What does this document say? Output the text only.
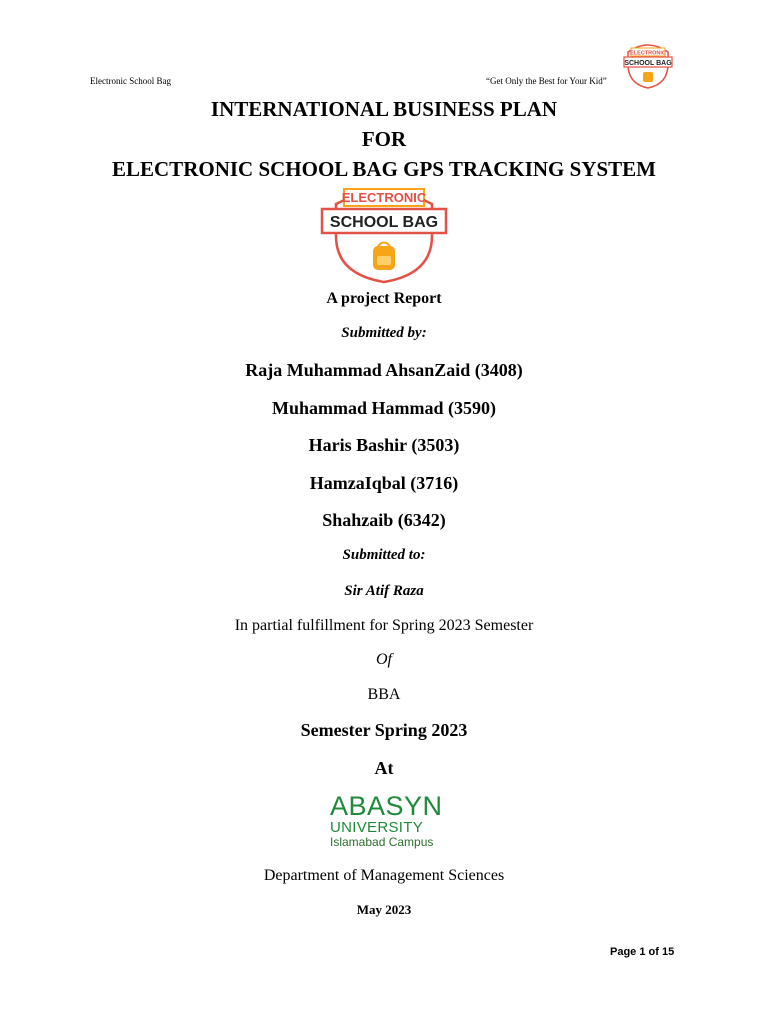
Electronic School Bag	“Get Only the Best for Your Kid”
ELECTRONIC
SCHOOL BAG
INTERNATIONAL BUSINESS PLAN
FOR
ELECTRONIC SCHOOL BAG GPS TRACKING SYSTEM
ELECTRONIC
SCHOOL BAG
A project Report
Submitted by:
Raja Muhammad AhsanZaid (3408)
Muhammad Hammad (3590)
Haris Bashir (3503)
HamzaIqbal (3716)
Shahzaib (6342)
Submitted to:
Sir Atif Raza
In partial fulfillment for Spring 2023 Semester
Of
BBA
Semester Spring 2023
At
ABASYN
UNIVERSITY
Islamabad Campus
Department of Management Sciences
May 2023
Page 1 of 15
